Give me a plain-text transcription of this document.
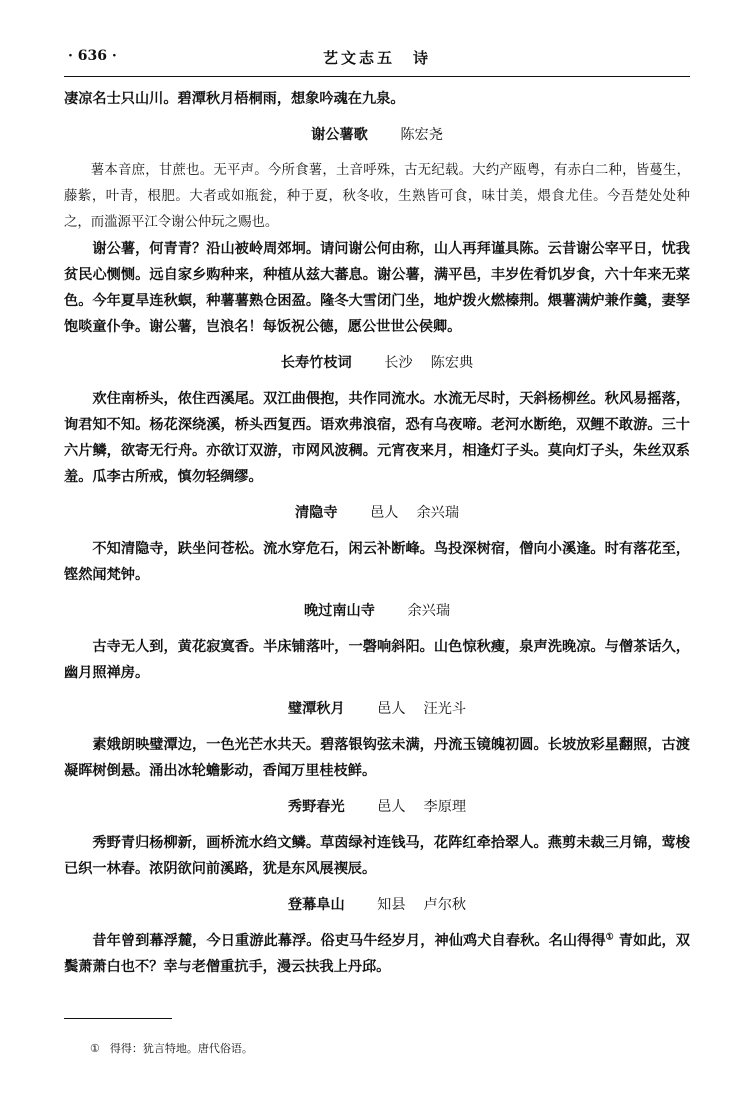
· 636 ·	艺文志五　诗

凄凉名士只山川。碧潭秋月梧桐雨，想象吟魂在九泉。

谢公薯歌 陈宏尧

薯本音庶，甘蔗也。无平声。今所食薯，土音呼殊，古无纪载。大约产瓯粤，有赤白二种，皆蔓生，藤紫，叶青，根肥。大者或如瓶瓮，种于夏，秋冬收，生熟皆可食，味甘美，煨食尤佳。今吾楚处处种之，而滥源平江令谢公仲玩之赐也。

谢公薯，何青青？沿山被岭周郊坰。请问谢公何由称，山人再拜谨具陈。云昔谢公宰平日，忧我贫民心恻恻。远自家乡购种来，种植从兹大蕃息。谢公薯，满平邑，丰岁佐肴饥岁食，六十年来无菜色。今年夏旱连秋螟，种薯薯熟仓困盈。隆冬大雪闭门坐，地炉拨火燃榛荆。煨薯满炉兼作羹，妻孥饱啖童仆争。谢公薯，岂浪名！每饭祝公德，愿公世世公侯卿。

长寿竹枝词 长沙 陈宏典

欢住南桥头，侬住西溪尾。双江曲偎抱，共作同流水。水流无尽时，天斜杨柳丝。秋风易摇落，询君知不知。杨花深绕溪，桥头西复西。语欢弗浪宿，恐有乌夜啼。老河水断绝，双鲤不敢游。三十六片鳞，欲寄无行舟。亦欲订双游，市网风波稠。元宵夜来月，相逢灯子头。莫向灯子头，朱丝双系羞。瓜李古所戒，慎勿轻绸缪。

清隐寺 邑人 余兴瑞

不知清隐寺，趺坐问苍松。流水穿危石，闲云补断峰。鸟投深树宿，僧向小溪逢。时有落花至，铿然闻梵钟。

晚过南山寺 余兴瑞

古寺无人到，黄花寂寞香。半床铺落叶，一磬响斜阳。山色惊秋瘦，泉声洗晚凉。与僧茶话久，幽月照禅房。

璧潭秋月 邑人 汪光斗

素娥朗映璧潭边，一色光芒水共天。碧落银钩弦未满，丹流玉镜魄初圆。长坡放彩星翻照，古渡凝晖树倒悬。涌出冰轮蟾影动，香闻万里桂枝鲜。

秀野春光 邑人 李原理

秀野青归杨柳新，画桥流水绉文鳞。草茵绿衬连钱马，花阵红牵拾翠人。燕剪未裁三月锦，莺梭已织一林春。浓阴欲问前溪路，犹是东风展禊辰。

登幕阜山 知县 卢尔秋

昔年曾到幕浮麓，今日重游此幕浮。俗吏马牛经岁月，神仙鸡犬自春秋。名山得得① 青如此，双鬓萧萧白也不？幸与老僧重抗手，漫云扶我上丹邱。

① 得得：犹言特地。唐代俗语。
